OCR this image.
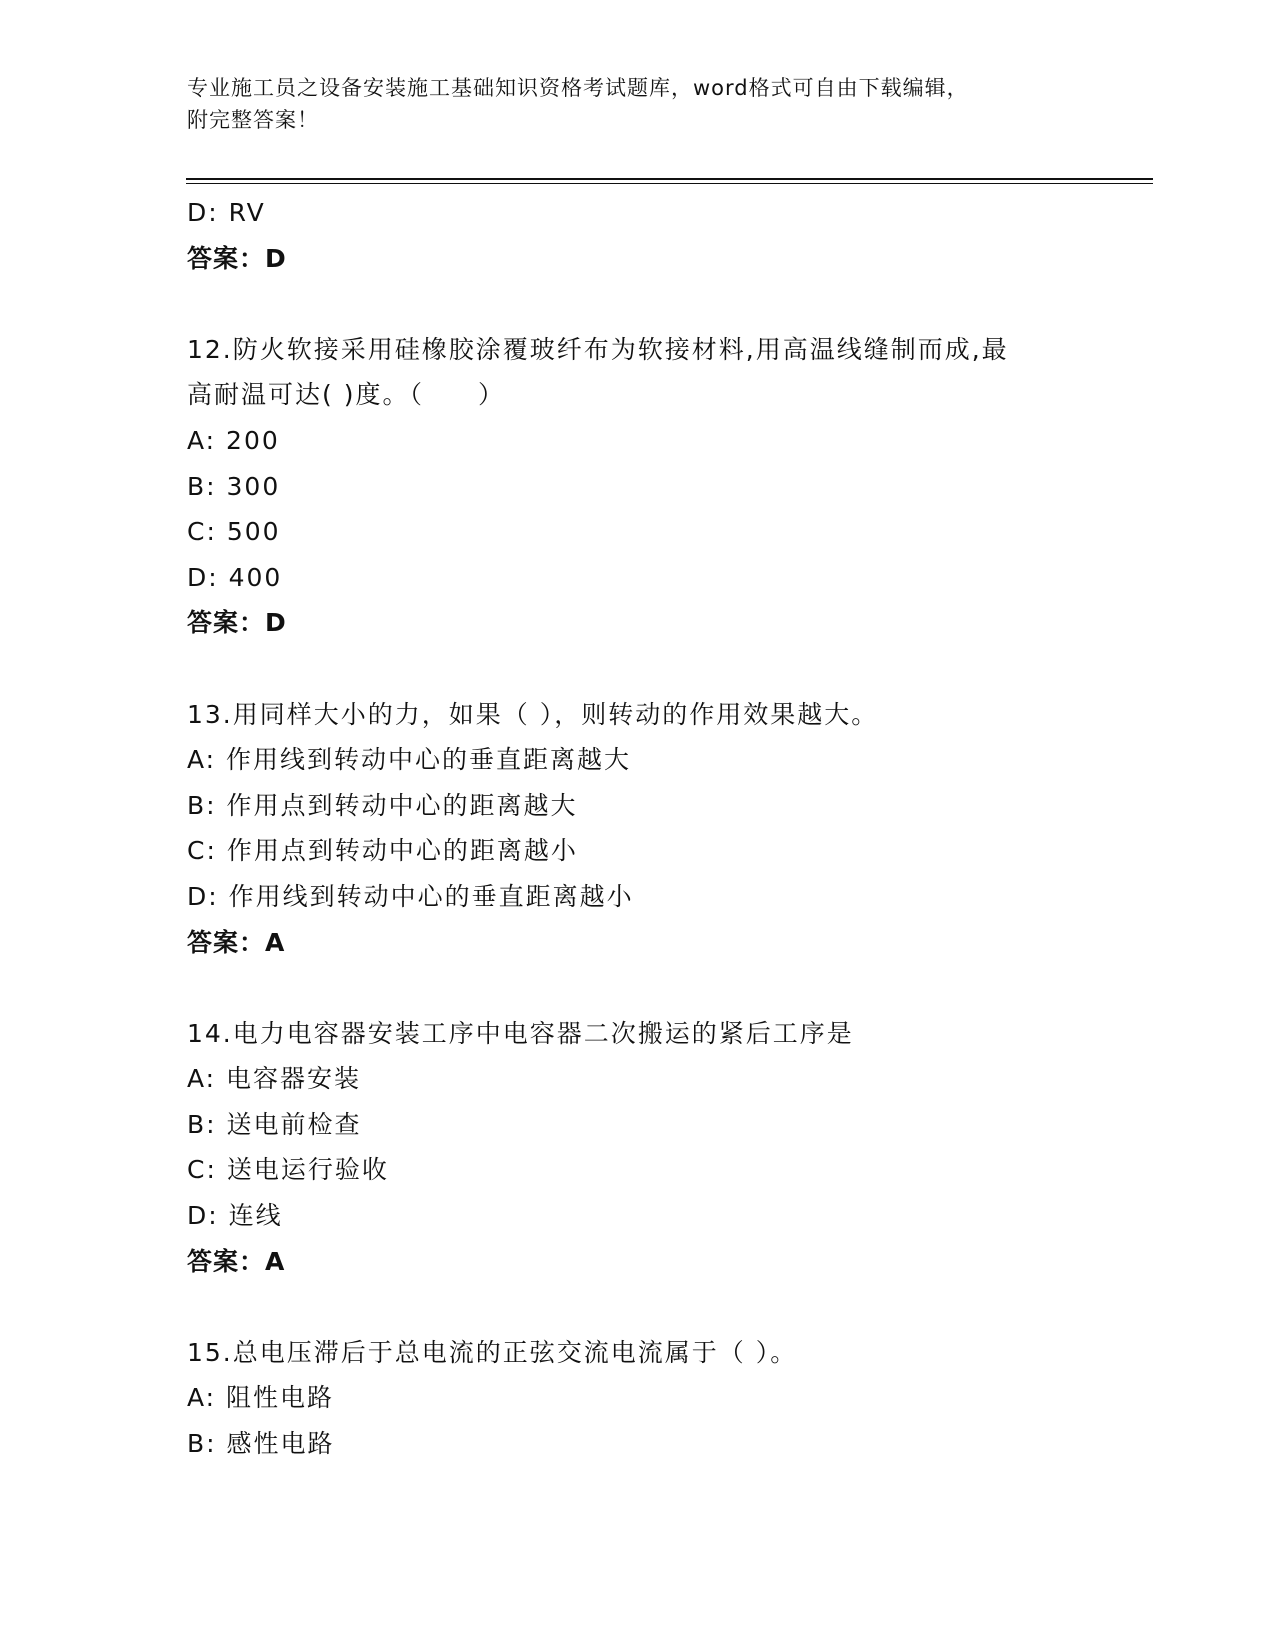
专业施工员之设备安装施工基础知识资格考试题库，word格式可自由下载编辑，
附完整答案！
D: RV
答案：D
12.防火软接采用硅橡胶涂覆玻纤布为软接材料,用高温线缝制而成,最
高耐温可达( )度。（　　）
A: 200
B: 300
C: 500
D: 400
答案：D
13.用同样大小的力，如果（ ），则转动的作用效果越大。
A: 作用线到转动中心的垂直距离越大
B: 作用点到转动中心的距离越大
C: 作用点到转动中心的距离越小
D: 作用线到转动中心的垂直距离越小
答案：A
14.电力电容器安装工序中电容器二次搬运的紧后工序是
A: 电容器安装
B: 送电前检查
C: 送电运行验收
D: 连线
答案：A
15.总电压滞后于总电流的正弦交流电流属于（ ）。
A: 阻性电路
B: 感性电路
